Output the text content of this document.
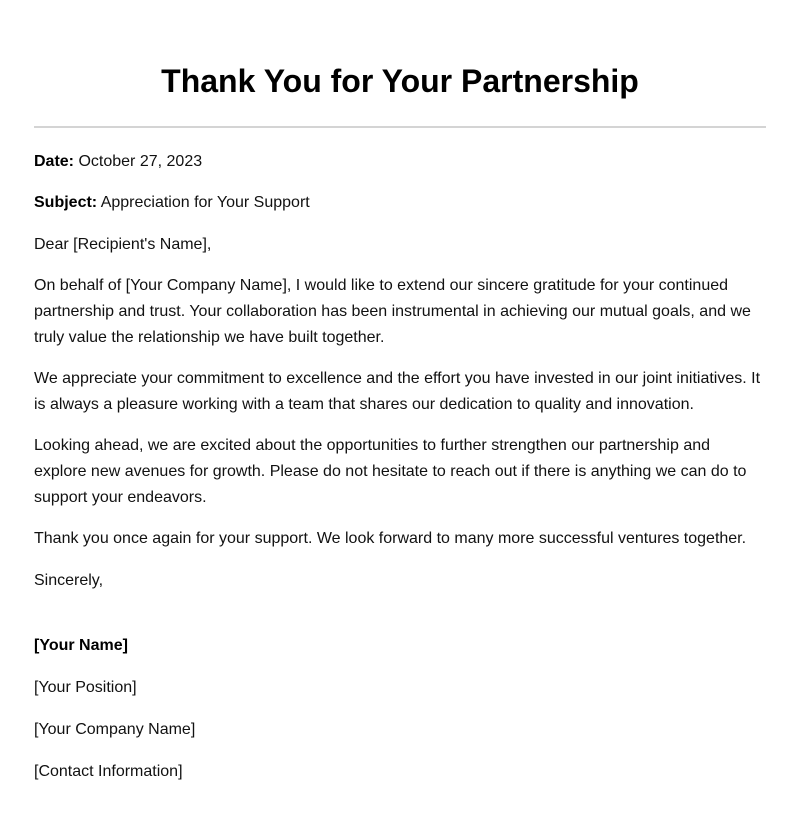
Thank You for Your Partnership

Date: October 27, 2023

Subject: Appreciation for Your Support

Dear [Recipient's Name],

On behalf of [Your Company Name], I would like to extend our sincere gratitude for your continued partnership and trust. Your collaboration has been instrumental in achieving our mutual goals, and we truly value the relationship we have built together.

We appreciate your commitment to excellence and the effort you have invested in our joint initiatives. It is always a pleasure working with a team that shares our dedication to quality and innovation.

Looking ahead, we are excited about the opportunities to further strengthen our partnership and explore new avenues for growth. Please do not hesitate to reach out if there is anything we can do to support your endeavors.

Thank you once again for your support. We look forward to many more successful ventures together.

Sincerely,

[Your Name]

[Your Position]

[Your Company Name]

[Contact Information]
